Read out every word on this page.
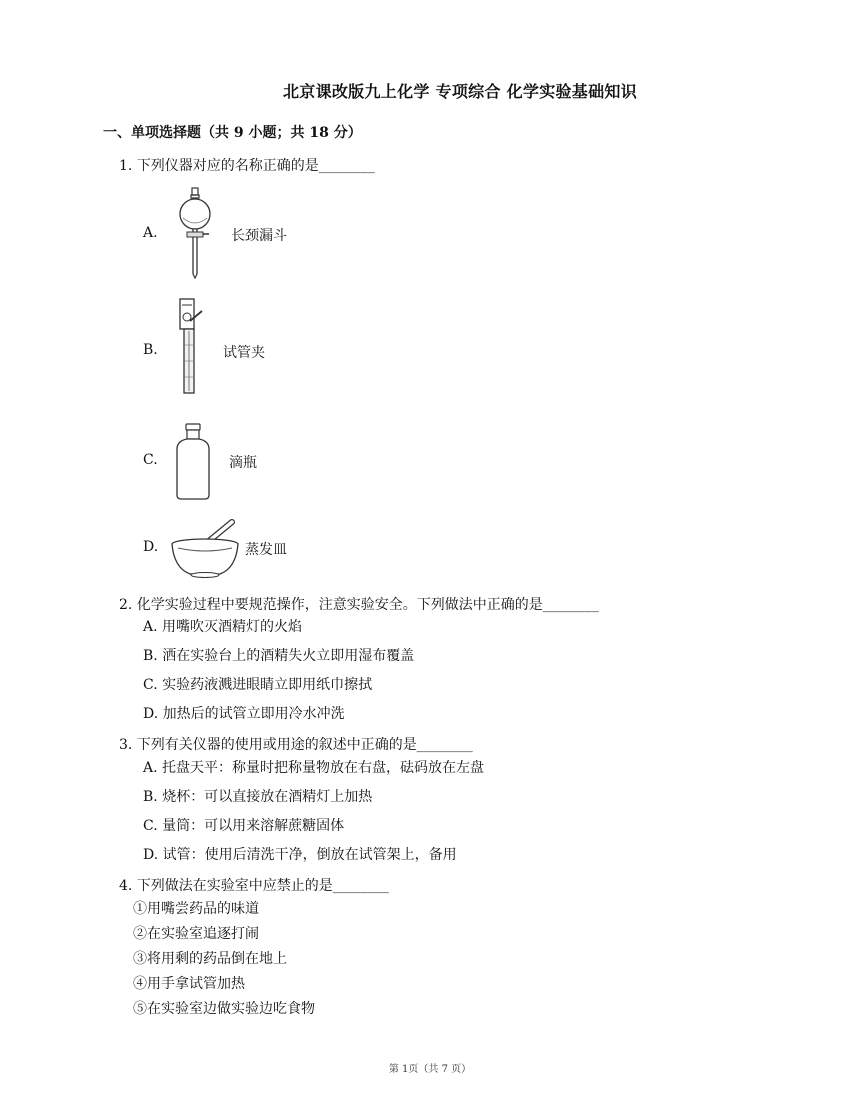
北京课改版九上化学 专项综合 化学实验基础知识
一、单项选择题（共 9 小题；共 18 分）
1. 下列仪器对应的名称正确的是________
A.	长颈漏斗
B.	试管夹
C.	滴瓶
D.	蒸发皿
2. 化学实验过程中要规范操作，注意实验安全。下列做法中正确的是________
A. 用嘴吹灭酒精灯的火焰
B. 洒在实验台上的酒精失火立即用湿布覆盖
C. 实验药液溅进眼睛立即用纸巾擦拭
D. 加热后的试管立即用冷水冲洗
3. 下列有关仪器的使用或用途的叙述中正确的是________
A. 托盘天平：称量时把称量物放在右盘，砝码放在左盘
B. 烧杯：可以直接放在酒精灯上加热
C. 量筒：可以用来溶解蔗糖固体
D. 试管：使用后清洗干净，倒放在试管架上，备用
4. 下列做法在实验室中应禁止的是________
①用嘴尝药品的味道
②在实验室追逐打闹
③将用剩的药品倒在地上
④用手拿试管加热
⑤在实验室边做实验边吃食物
第 1页（共 7 页）
